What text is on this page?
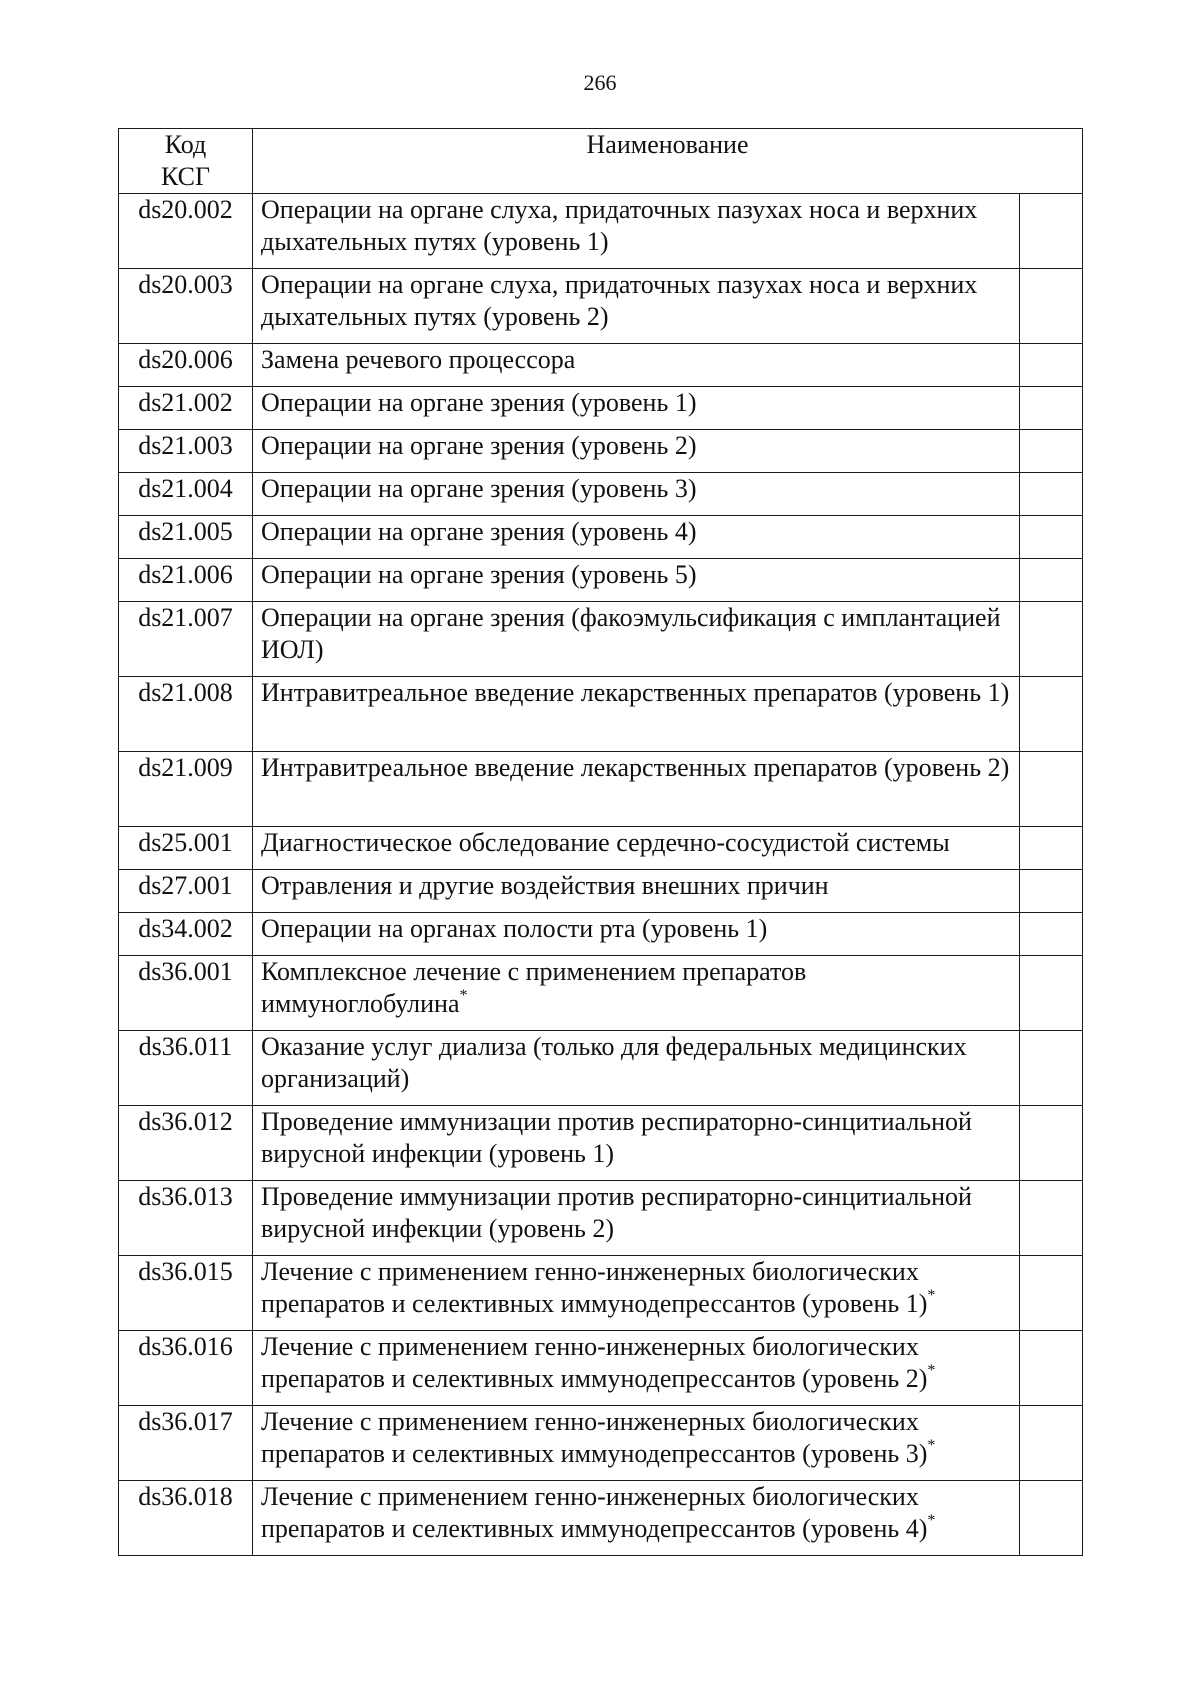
266
Код
КСГ	Наименование	
ds20.002	Операции на органе слуха, придаточных пазухах носа и верхних дыхательных путях (уровень 1)	
ds20.003	Операции на органе слуха, придаточных пазухах носа и верхних дыхательных путях (уровень 2)	
ds20.006	Замена речевого процессора	
ds21.002	Операции на органе зрения (уровень 1)	
ds21.003	Операции на органе зрения (уровень 2)	
ds21.004	Операции на органе зрения (уровень 3)	
ds21.005	Операции на органе зрения (уровень 4)	
ds21.006	Операции на органе зрения (уровень 5)	
ds21.007	Операции на органе зрения (факоэмульсификация с имплантацией ИОЛ)	
ds21.008	Интравитреальное введение лекарственных препаратов (уровень 1)	
ds21.009	Интравитреальное введение лекарственных препаратов (уровень 2)	
ds25.001	Диагностическое обследование сердечно-сосудистой системы	
ds27.001	Отравления и другие воздействия внешних причин	
ds34.002	Операции на органах полости рта (уровень 1)	
ds36.001	Комплексное лечение с применением препаратов иммуноглобулина*	
ds36.011	Оказание услуг диализа (только для федеральных медицинских организаций)	
ds36.012	Проведение иммунизации против респираторно-синцитиальной вирусной инфекции (уровень 1)	
ds36.013	Проведение иммунизации против респираторно-синцитиальной вирусной инфекции (уровень 2)	
ds36.015	Лечение с применением генно-инженерных биологических препаратов и селективных иммунодепрессантов (уровень 1)*	
ds36.016	Лечение с применением генно-инженерных биологических препаратов и селективных иммунодепрессантов (уровень 2)*	
ds36.017	Лечение с применением генно-инженерных биологических препаратов и селективных иммунодепрессантов (уровень 3)*	
ds36.018	Лечение с применением генно-инженерных биологических препаратов и селективных иммунодепрессантов (уровень 4)*	
